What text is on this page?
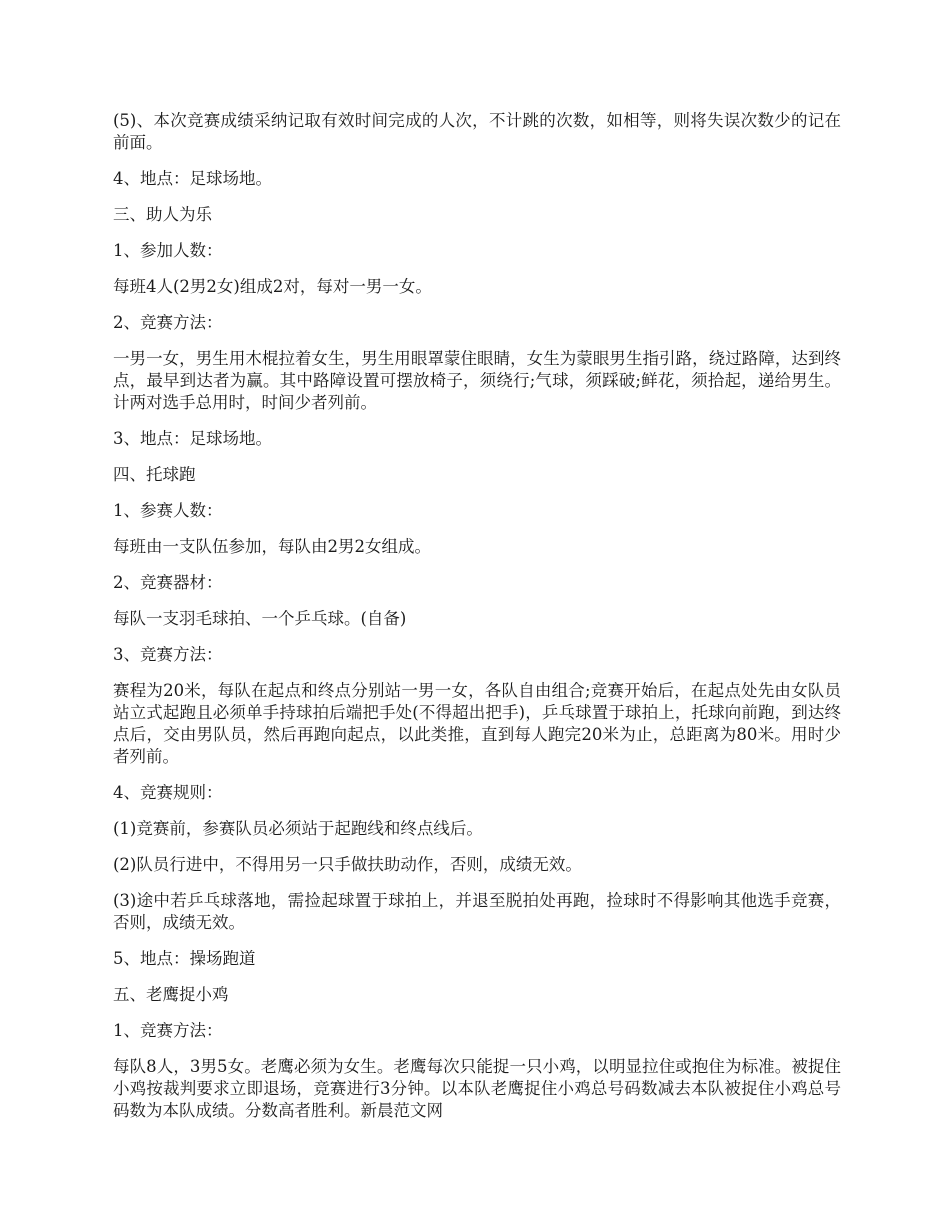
(5)、本次竞赛成绩采纳记取有效时间完成的人次，不计跳的次数，如相等，则将失误次数少的记在前面。

4、地点：足球场地。

三、助人为乐

1、参加人数：

每班4人(2男2女)组成2对，每对一男一女。

2、竞赛方法：

一男一女，男生用木棍拉着女生，男生用眼罩蒙住眼睛，女生为蒙眼男生指引路，绕过路障，达到终点，最早到达者为赢。其中路障设置可摆放椅子，须绕行;气球，须踩破;鲜花，须拾起，递给男生。计两对选手总用时，时间少者列前。

3、地点：足球场地。

四、托球跑

1、参赛人数：

每班由一支队伍参加，每队由2男2女组成。

2、竞赛器材：

每队一支羽毛球拍、一个乒乓球。(自备)

3、竞赛方法：

赛程为20米，每队在起点和终点分别站一男一女，各队自由组合;竞赛开始后，在起点处先由女队员站立式起跑且必须单手持球拍后端把手处(不得超出把手)，乒乓球置于球拍上，托球向前跑，到达终点后，交由男队员，然后再跑向起点，以此类推，直到每人跑完20米为止，总距离为80米。用时少者列前。

4、竞赛规则：

(1)竞赛前，参赛队员必须站于起跑线和终点线后。

(2)队员行进中，不得用另一只手做扶助动作，否则，成绩无效。

(3)途中若乒乓球落地，需捡起球置于球拍上，并退至脱拍处再跑，捡球时不得影响其他选手竞赛，否则，成绩无效。

5、地点：操场跑道

五、老鹰捉小鸡

1、竞赛方法：

每队8人，3男5女。老鹰必须为女生。老鹰每次只能捉一只小鸡，以明显拉住或抱住为标准。被捉住小鸡按裁判要求立即退场，竞赛进行3分钟。以本队老鹰捉住小鸡总号码数减去本队被捉住小鸡总号码数为本队成绩。分数高者胜利。新晨范文网
